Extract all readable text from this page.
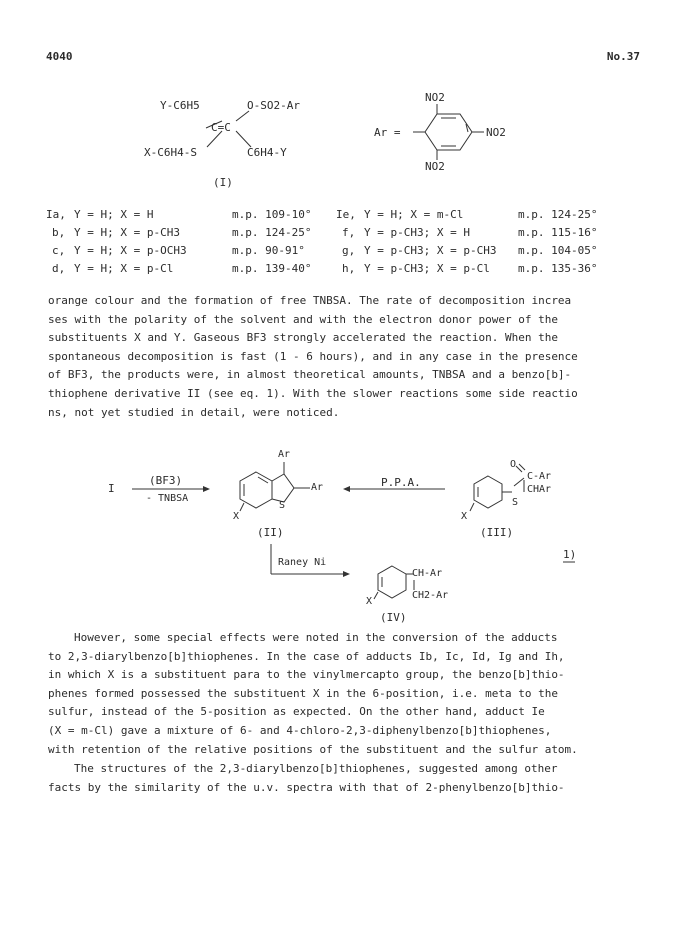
4040	No.37
Y-C6H5	O-SO2-Ar
C=C
X-C6H4-S	C6H4-Y
(I)
Ar =
NO2
NO2
NO2
Ia, Y = H; X = H	m.p. 109-10°
b, Y = H; X = p-CH3	m.p. 124-25°
c, Y = H; X = p-OCH3	m.p. 90-91°
d, Y = H; X = p-Cl	m.p. 139-40°
Ie, Y = H; X = m-Cl	m.p. 124-25°
f, Y = p-CH3; X = H	m.p. 115-16°
g, Y = p-CH3; X = p-CH3 m.p. 104-05°
h, Y = p-CH3; X = p-Cl	m.p. 135-36°
orange colour and the formation of free TNBSA. The rate of decomposition increa
ses with the polarity of the solvent and with the electron donor power of the
substituents X and Y. Gaseous BF3 strongly accelerated the reaction. When the
spontaneous decomposition is fast (1 - 6 hours), and in any case in the presence
of BF3, the products were, in almost theoretical amounts, TNBSA and a benzo[b]-
thiophene derivative II (see eq. 1). With the slower reactions some side reactio
ns, not yet studied in detail, were noticed.
I
(BF3)
- TNBSA
Ar
Ar
S
X
(II)
P.P.A.
O
C-Ar
CHAr
S
X
(III)
Raney Ni
CH-Ar
CH2-Ar
X
(IV)
1)
However, some special effects were noted in the conversion of the adducts
to 2,3-diarylbenzo[b]thiophenes. In the case of adducts Ib, Ic, Id, Ig and Ih,
in which X is a substituent para to the vinylmercapto group, the benzo[b]thio-
phenes formed possessed the substituent X in the 6-position, i.e. meta to the
sulfur, instead of the 5-position as expected. On the other hand, adduct Ie
(X = m-Cl) gave a mixture of 6- and 4-chloro-2,3-diphenylbenzo[b]thiophenes,
with retention of the relative positions of the substituent and the sulfur atom.
The structures of the 2,3-diarylbenzo[b]thiophenes, suggested among other
facts by the similarity of the u.v. spectra with that of 2-phenylbenzo[b]thio-
